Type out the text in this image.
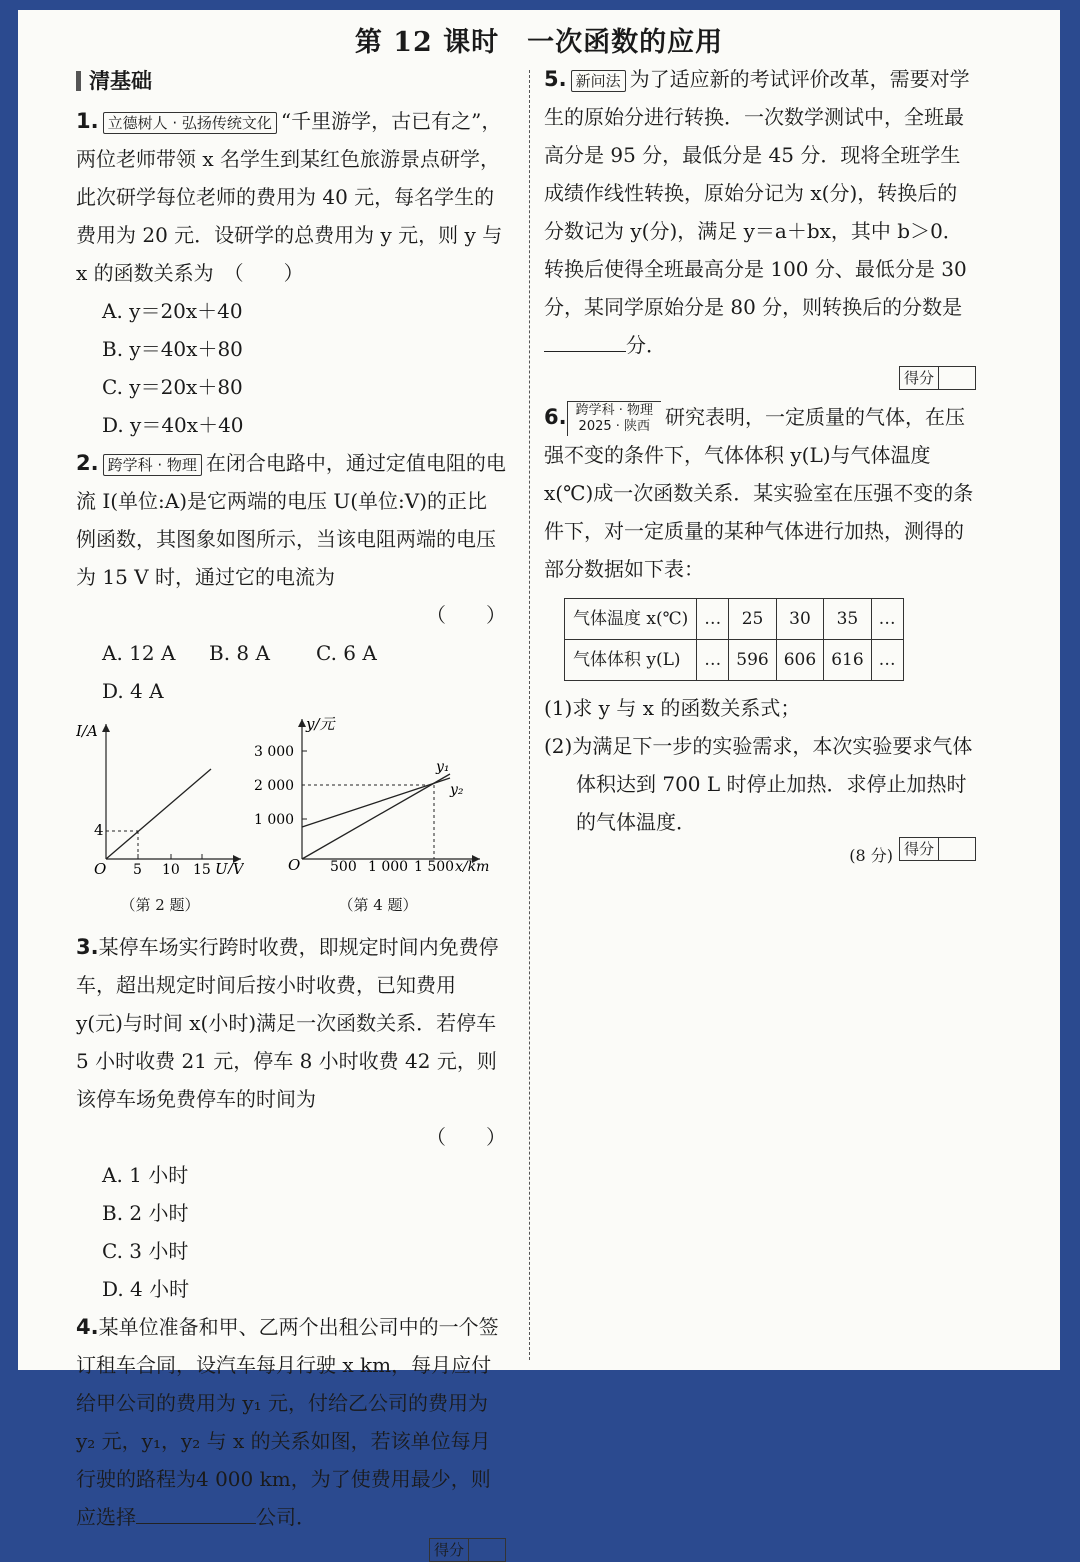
第 12 课时　一次函数的应用
清基础
1. 立德树人 · 弘扬传统文化 “千里游学，古已有之”，两位老师带领 x 名学生到某红色旅游景点研学，此次研学每位老师的费用为 40 元，每名学生的费用为 20 元．设研学的总费用为 y 元，则 y 与 x 的函数关系为　（　　）
A. y＝20x＋40
B. y＝40x＋80
C. y＝20x＋80
D. y＝40x＋40
2. 跨学科 · 物理 在闭合电路中，通过定值电阻的电流 I(单位:A)是它两端的电压 U(单位:V)的正比例函数，其图象如图所示，当该电阻两端的电压为 15 V 时，通过它的电流为
（　　）
A. 12 A	B. 8 A	C. 6 A
D. 4 A
I/A
4
O 5 10 15 U/V
（第 2 题）
y/元
3 000
2 000
1 000
y₁
y₂
O 500 1 000 1 500 x/km
（第 4 题）
3.某停车场实行跨时收费，即规定时间内免费停车，超出规定时间后按小时收费，已知费用 y(元)与时间 x(小时)满足一次函数关系．若停车 5 小时收费 21 元，停车 8 小时收费 42 元，则该停车场免费停车的时间为
（　　）
A. 1 小时
B. 2 小时
C. 3 小时
D. 4 小时
4.某单位准备和甲、乙两个出租公司中的一个签订租车合同，设汽车每月行驶 x km，每月应付给甲公司的费用为 y₁ 元，付给乙公司的费用为 y₂ 元，y₁，y₂ 与 x 的关系如图，若该单位每月行驶的路程为4 000 km，为了使费用最少，则应选择	公司．
得分
5. 新问法 为了适应新的考试评价改革，需要对学生的原始分进行转换．一次数学测试中，全班最高分是 95 分，最低分是 45 分．现将全班学生成绩作线性转换，原始分记为 x(分)，转换后的分数记为 y(分)，满足 y＝a＋bx，其中 b＞0．转换后使得全班最高分是 100 分、最低分是 30 分，某同学原始分是 80 分，则转换后的分数是分．
得分
6. 跨学科 · 物理
2025 · 陕西 研究表明，一定质量的气体，在压强不变的条件下，气体体积 y(L)与气体温度 x(℃)成一次函数关系．某实验室在压强不变的条件下，对一定质量的某种气体进行加热，测得的部分数据如下表：
气体温度 x(℃)	…	25	30	35	…
气体体积 y(L)	…	596	606	616	…
(1)求 y 与 x 的函数关系式；
(2)为满足下一步的实验需求，本次实验要求气体体积达到 700 L 时停止加热．求停止加热时的气体温度．
(8 分) 得分
